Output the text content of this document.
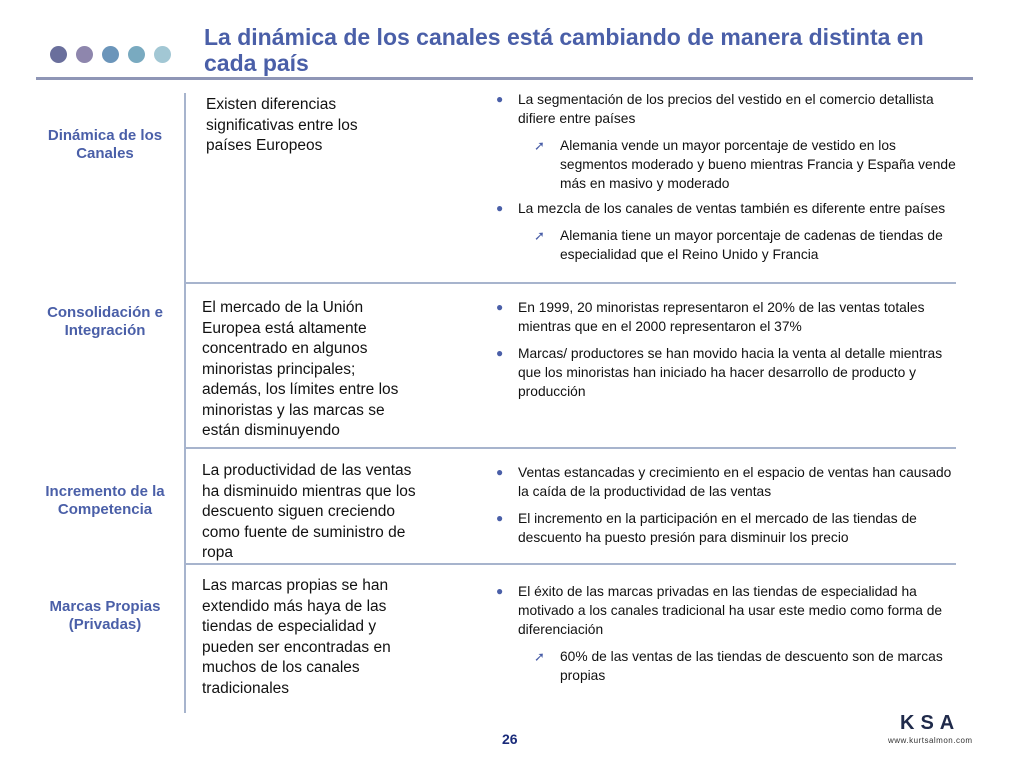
La dinámica de los canales está cambiando de manera distinta en cada país
Dinámica de los Canales
Existen diferencias significativas entre los países Europeos
● La segmentación de los precios del vestido en el comercio detallista difiere entre países
➚ Alemania vende un mayor porcentaje de vestido en los segmentos moderado y bueno mientras Francia y España vende más en masivo y moderado
● La mezcla de los canales de ventas también es diferente entre países
➚ Alemania tiene un mayor porcentaje de cadenas de tiendas de especialidad que el Reino Unido y Francia
Consolidación e Integración
El mercado de la Unión Europea está altamente concentrado en algunos minoristas principales; además, los límites entre los minoristas y las marcas se están disminuyendo
● En 1999, 20 minoristas representaron el 20% de las ventas totales mientras que en el 2000 representaron el 37%
● Marcas/ productores se han movido hacia la venta al detalle mientras que los minoristas han iniciado ha hacer desarrollo de producto y producción
Incremento de la Competencia
La productividad de las ventas ha disminuido mientras que los descuento siguen creciendo como fuente de suministro de ropa
● Ventas estancadas y crecimiento en el espacio de ventas han causado la caída de la productividad de las ventas
● El incremento en la participación en el mercado de las tiendas de descuento ha puesto presión para disminuir los precio
Marcas Propias (Privadas)
Las marcas propias se han extendido más haya de las tiendas de especialidad y pueden ser encontradas en muchos de los canales tradicionales
● El éxito de las marcas privadas en las tiendas de especialidad ha motivado a los canales tradicional ha usar este medio como forma de diferenciación
➚ 60% de las ventas de las tiendas de descuento son de marcas propias
26
KSA
www.kurtsalmon.com
